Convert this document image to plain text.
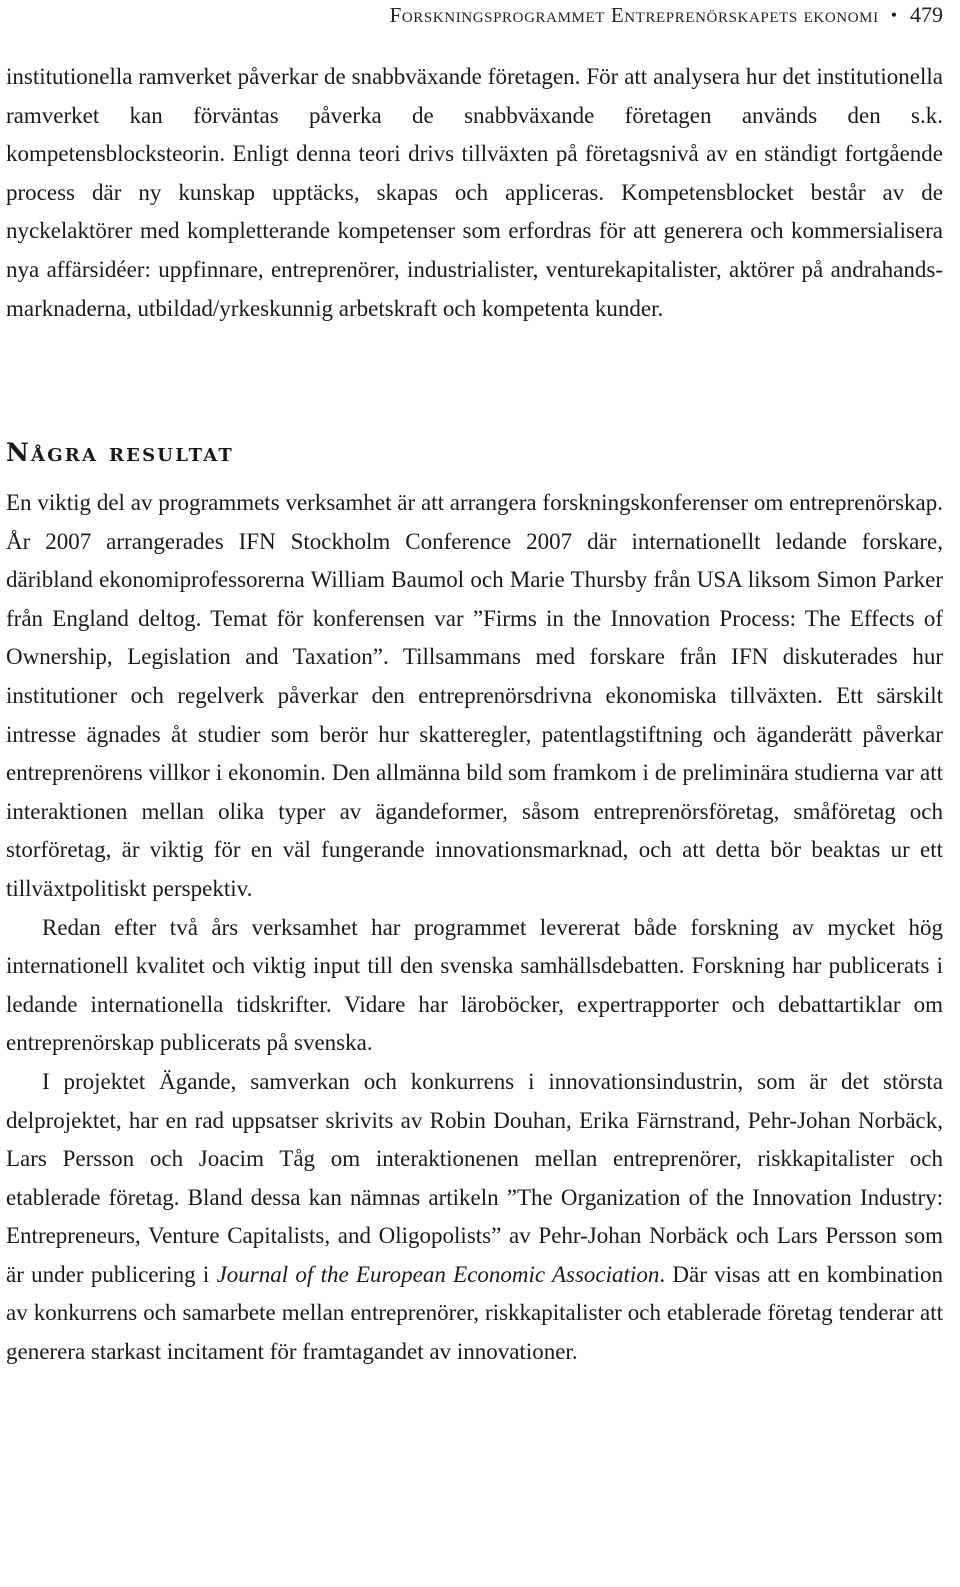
Forskningsprogrammet Entreprenörskapets ekonomi • 479

institutionella ramverket påverkar de snabbväxande företagen. För att analysera hur det institutionella ramverket kan förväntas påverka de snabbväxande företagen används den s.k. kompetensblocksteorin. Enligt denna teori drivs tillväxten på företagsnivå av en ständigt fortgående process där ny kunskap upptäcks, skapas och appliceras. Kompetensblocket består av de nyckelaktörer med kompletterande kompetenser som erfordras för att generera och kommersialisera nya affärsidéer: uppfinnare, entreprenörer, industrialister, venturekapitalister, aktörer på andrahandsmarknaderna, utbildad/yrkeskunnig arbetskraft och kompetenta kunder.

Några resultat

En viktig del av programmets verksamhet är att arrangera forskningskonferenser om entreprenörskap. År 2007 arrangerades IFN Stockholm Conference 2007 där internationellt ledande forskare, däribland ekonomiprofessorerna William Baumol och Marie Thursby från USA liksom Simon Parker från England deltog. Temat för konferensen var ”Firms in the Innovation Process: The Effects of Ownership, Legislation and Taxation”. Tillsammans med forskare från IFN diskuterades hur institutioner och regelverk påverkar den entreprenörsdrivna ekonomiska tillväxten. Ett särskilt intresse ägnades åt studier som berör hur skatteregler, patentlagstiftning och äganderätt påverkar entreprenörens villkor i ekonomin. Den allmänna bild som framkom i de preliminära studierna var att interaktionen mellan olika typer av ägandeformer, såsom entreprenörsföretag, småföretag och storföretag, är viktig för en väl fungerande innovationsmarknad, och att detta bör beaktas ur ett tillväxtpolitiskt perspektiv.

Redan efter två års verksamhet har programmet levererat både forskning av mycket hög internationell kvalitet och viktig input till den svenska samhällsdebatten. Forskning har publicerats i ledande internationella tidskrifter. Vidare har läroböcker, expertrapporter och debattartiklar om entreprenörskap publicerats på svenska.

I projektet Ägande, samverkan och konkurrens i innovationsindustrin, som är det största delprojektet, har en rad uppsatser skrivits av Robin Douhan, Erika Färnstrand, Pehr-Johan Norbäck, Lars Persson och Joacim Tåg om interaktionenen mellan entreprenörer, riskkapitalister och etablerade företag. Bland dessa kan nämnas artikeln ”The Organization of the Innovation Industry: Entrepreneurs, Venture Capitalists, and Oligopolists” av Pehr-Johan Norbäck och Lars Persson som är under publicering i Journal of the European Economic Association. Där visas att en kombination av konkurrens och samarbete mellan entreprenörer, riskkapitalister och etablerade företag tenderar att generera starkast incitament för framtagandet av innovationer.
